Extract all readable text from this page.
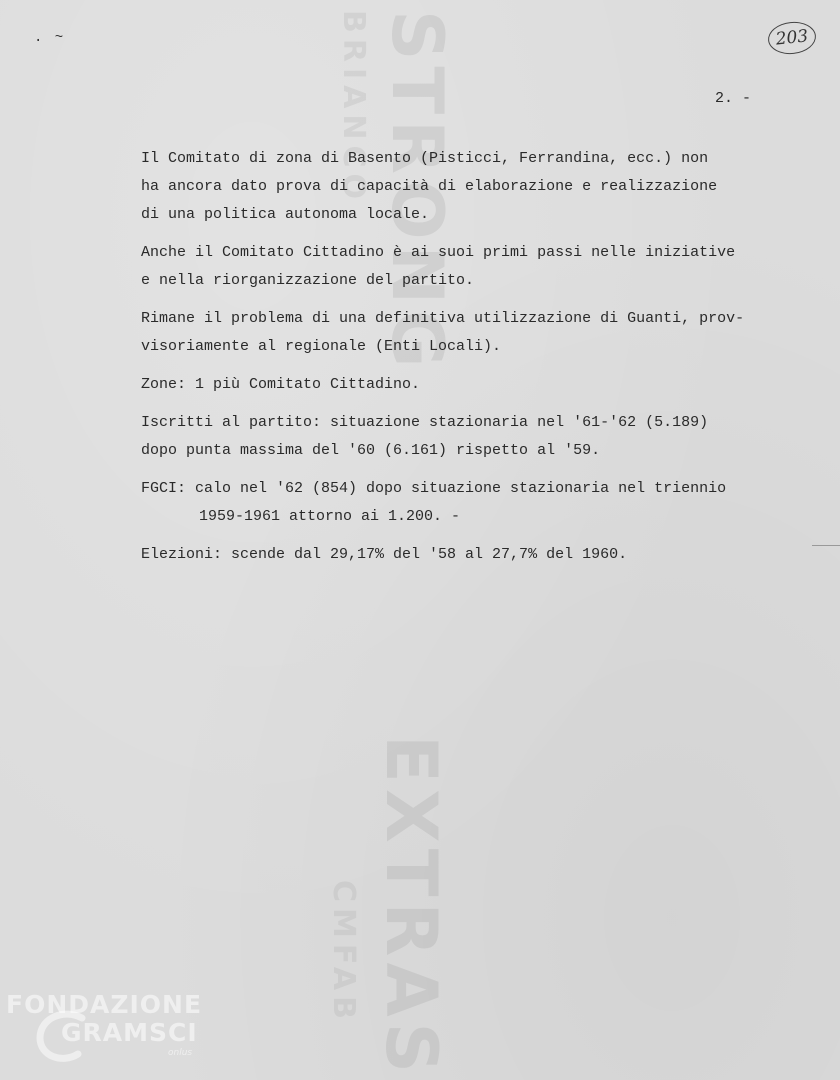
STRONG
BRIANCO
EXTRAS
CMFAB
. ~	203
2. -

Il Comitato di zona di Basento (Pisticci, Ferrandina, ecc.) non
ha ancora dato prova di capacità di elaborazione e realizzazione
di una politica autonoma locale.

Anche il Comitato Cittadino è ai suoi primi passi nelle iniziative
e nella riorganizzazione del partito.

Rimane il problema di una definitiva utilizzazione di Guanti, prov-
visoriamente al regionale (Enti Locali).

Zone: 1 più Comitato Cittadino.

Iscritti al partito: situazione stazionaria nel '61-'62 (5.189)
dopo punta massima del '60 (6.161) rispetto al '59.

FGCI: calo nel '62 (854) dopo situazione stazionaria nel triennio
1959-1961 attorno ai 1.200. -

Elezioni: scende dal 29,17% del '58 al 27,7% del 1960.

FONDAZIONE
GRAMSCI
onlus
